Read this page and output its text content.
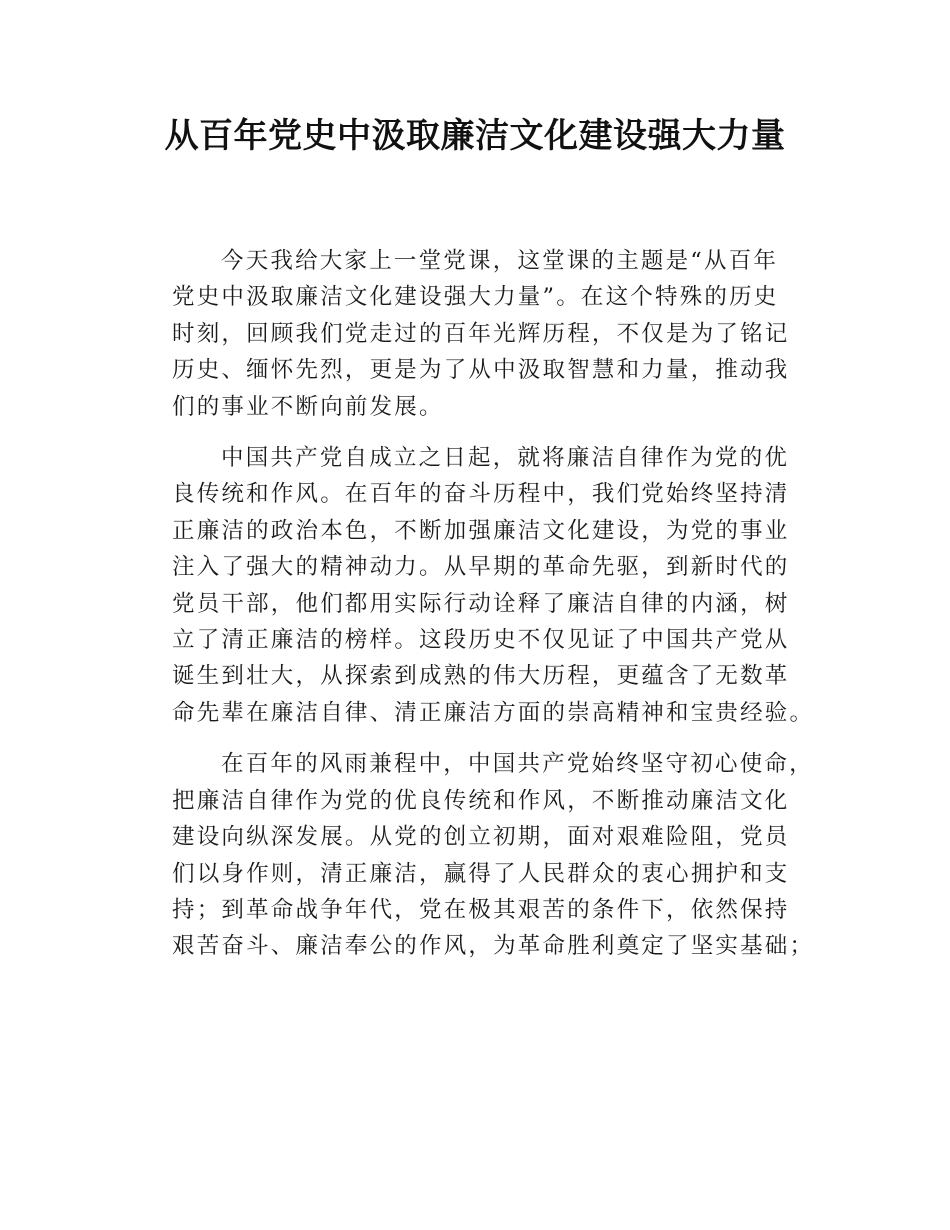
从百年党史中汲取廉洁文化建设强大力量

今天我给大家上一堂党课，这堂课的主题是“从百年
党史中汲取廉洁文化建设强大力量”。在这个特殊的历史
时刻，回顾我们党走过的百年光辉历程，不仅是为了铭记
历史、缅怀先烈，更是为了从中汲取智慧和力量，推动我
们的事业不断向前发展。

中国共产党自成立之日起，就将廉洁自律作为党的优
良传统和作风。在百年的奋斗历程中，我们党始终坚持清
正廉洁的政治本色，不断加强廉洁文化建设，为党的事业
注入了强大的精神动力。从早期的革命先驱，到新时代的
党员干部，他们都用实际行动诠释了廉洁自律的内涵，树
立了清正廉洁的榜样。这段历史不仅见证了中国共产党从
诞生到壮大，从探索到成熟的伟大历程，更蕴含了无数革
命先辈在廉洁自律、清正廉洁方面的崇高精神和宝贵经验。

在百年的风雨兼程中，中国共产党始终坚守初心使命，
把廉洁自律作为党的优良传统和作风，不断推动廉洁文化
建设向纵深发展。从党的创立初期，面对艰难险阻，党员
们以身作则，清正廉洁，赢得了人民群众的衷心拥护和支
持；到革命战争年代，党在极其艰苦的条件下，依然保持
艰苦奋斗、廉洁奉公的作风，为革命胜利奠定了坚实基础；
